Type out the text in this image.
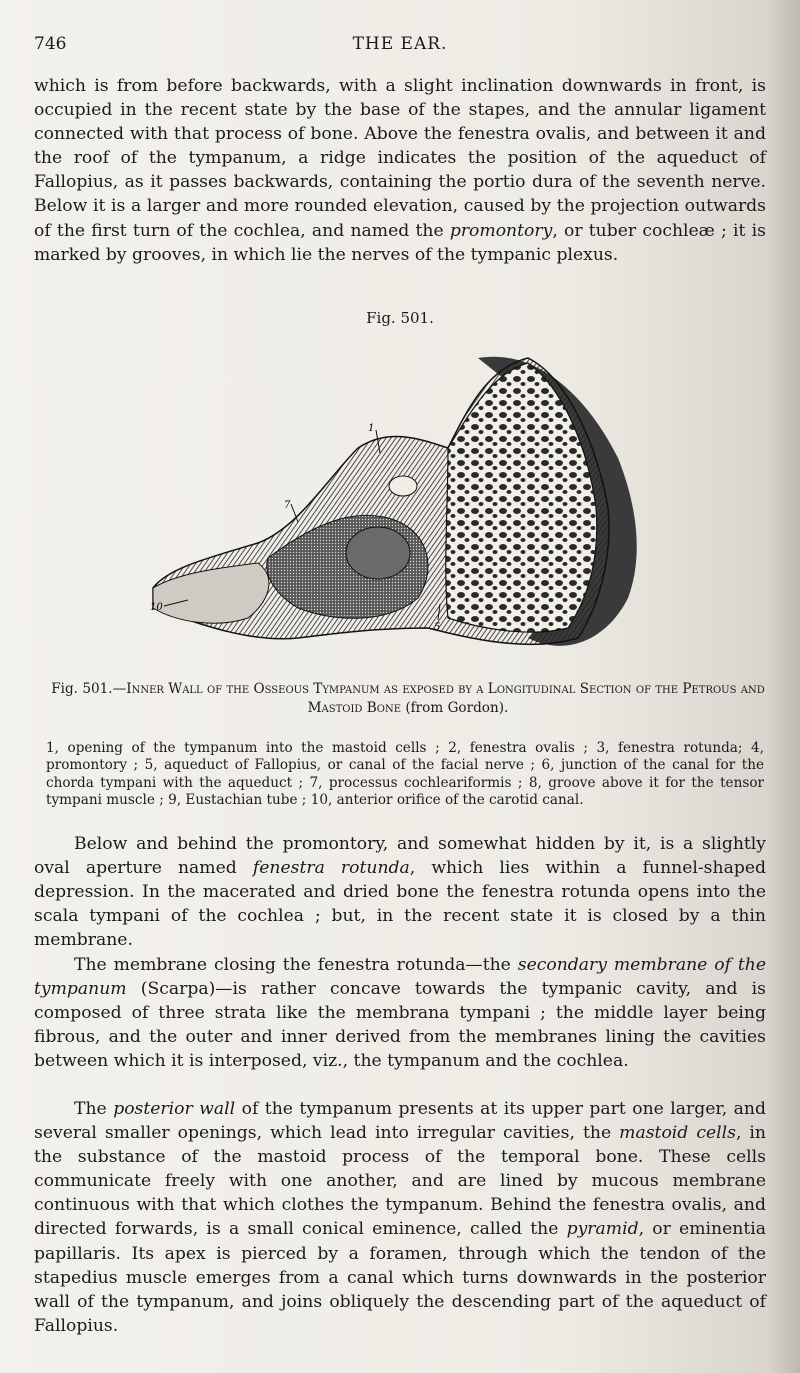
746	THE EAR.

which is from before backwards, with a slight inclination downwards in front, is occupied in the recent state by the base of the stapes, and the annular ligament connected with that process of bone. Above the fenestra ovalis, and between it and the roof of the tympanum, a ridge indicates the position of the aqueduct of Fallopius, as it passes backwards, containing the portio dura of the seventh nerve. Below it is a larger and more rounded elevation, caused by the projection outwards of the first turn of the cochlea, and named the promontory, or tuber cochleæ ; it is marked by grooves, in which lie the nerves of the tympanic plexus.

Fig. 501.
1
7
10
5
Fig. 501.—Inner Wall of the Osseous Tympanum as exposed by a Longitudinal Section of the Petrous and Mastoid Bone (from Gordon).

1, opening of the tympanum into the mastoid cells ; 2, fenestra ovalis ; 3, fenestra rotunda; 4, promontory ; 5, aqueduct of Fallopius, or canal of the facial nerve ; 6, junction of the canal for the chorda tympani with the aqueduct ; 7, processus cochleariformis ; 8, groove above it for the tensor tympani muscle ; 9, Eustachian tube ; 10, anterior orifice of the carotid canal.

Below and behind the promontory, and somewhat hidden by it, is a slightly oval aperture named fenestra rotunda, which lies within a funnel-shaped depression. In the macerated and dried bone the fenestra rotunda opens into the scala tympani of the cochlea ; but, in the recent state it is closed by a thin membrane.

The membrane closing the fenestra rotunda—the secondary membrane of the tympanum (Scarpa)—is rather concave towards the tympanic cavity, and is composed of three strata like the membrana tympani ; the middle layer being fibrous, and the outer and inner derived from the membranes lining the cavities between which it is interposed, viz., the tympanum and the cochlea.

The posterior wall of the tympanum presents at its upper part one larger, and several smaller openings, which lead into irregular cavities, the mastoid cells, in the substance of the mastoid process of the temporal bone. These cells communicate freely with one another, and are lined by mucous membrane continuous with that which clothes the tympanum. Behind the fenestra ovalis, and directed forwards, is a small conical eminence, called the pyramid, or eminentia papillaris. Its apex is pierced by a foramen, through which the tendon of the stapedius muscle emerges from a canal which turns downwards in the posterior wall of the tympanum, and joins obliquely the descending part of the aqueduct of Fallopius.
